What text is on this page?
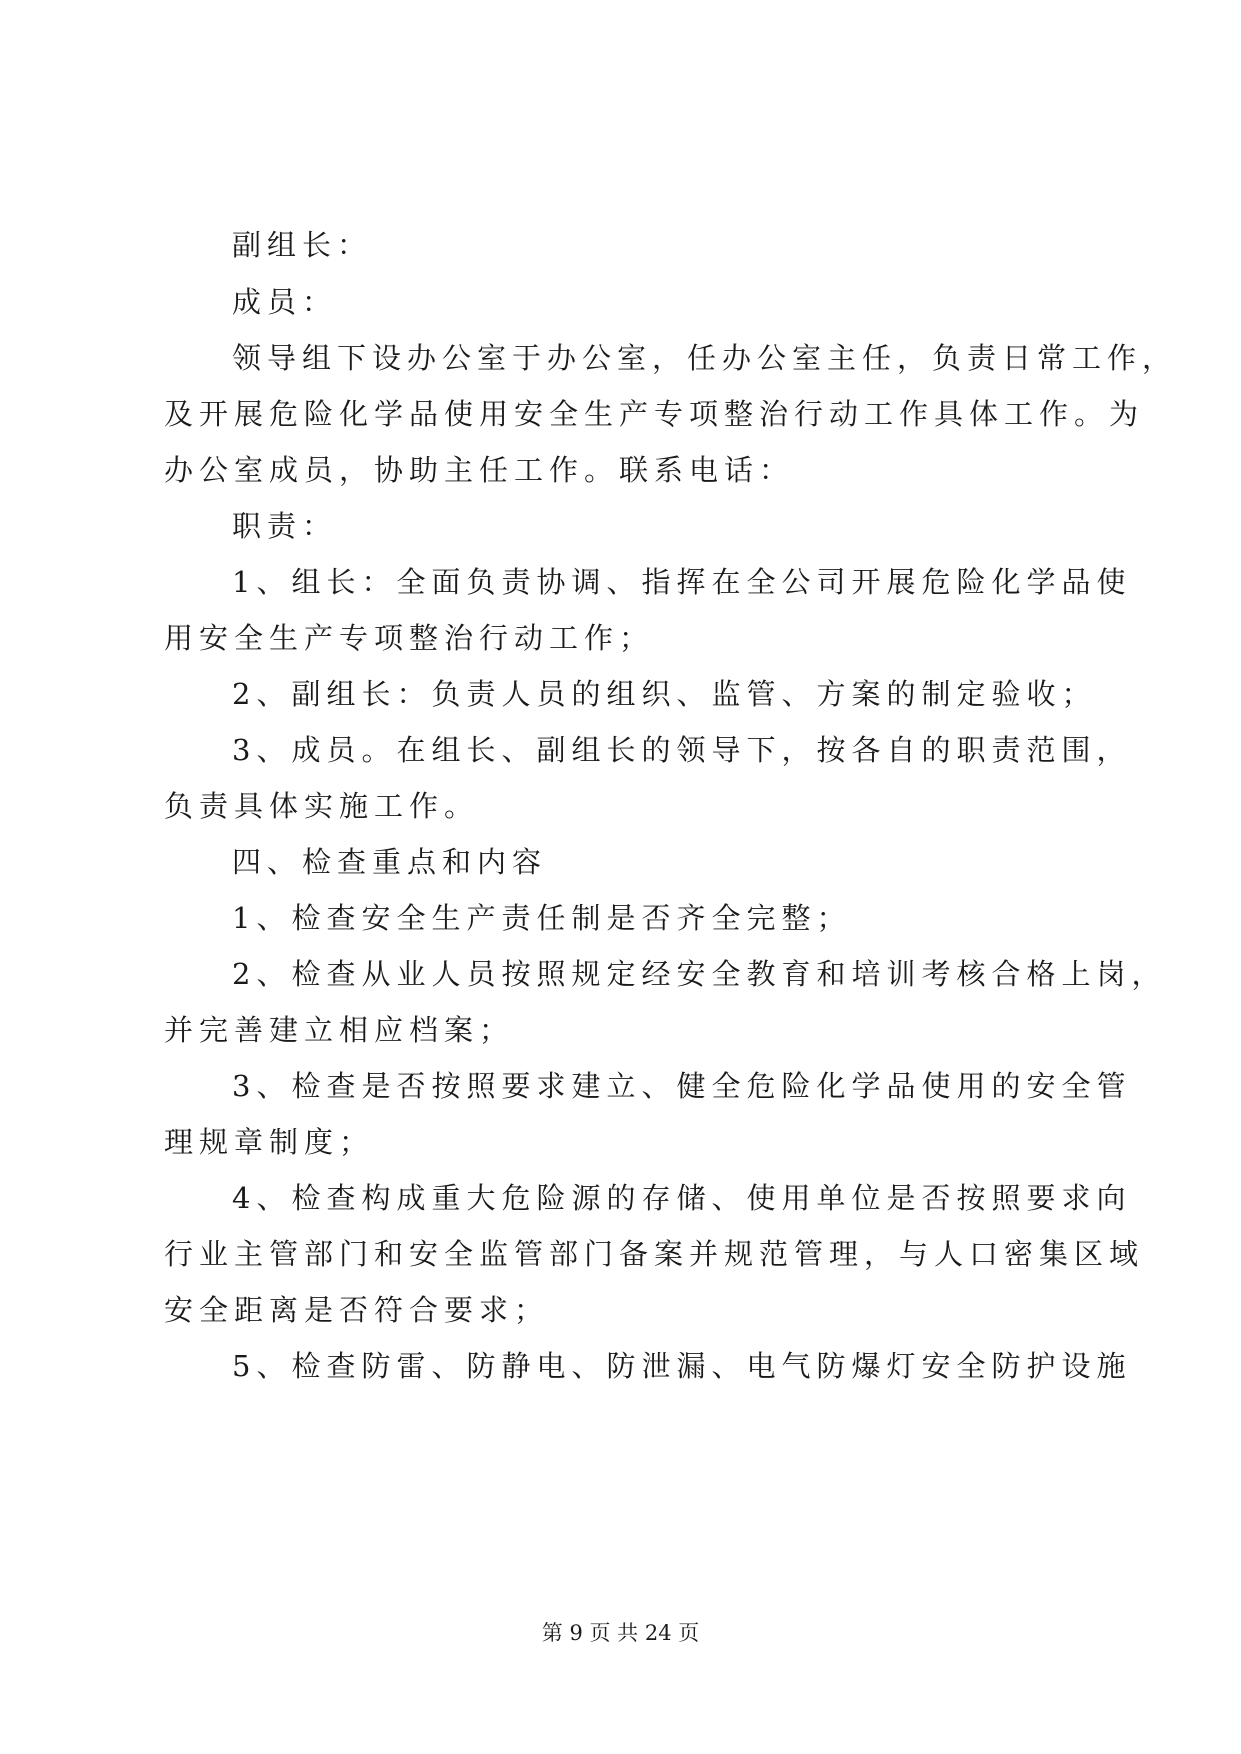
副组长：
成员：
领导组下设办公室于办公室，任办公室主任，负责日常工作，
及开展危险化学品使用安全生产专项整治行动工作具体工作。为
办公室成员，协助主任工作。联系电话：
职责：
1、组长：全面负责协调、指挥在全公司开展危险化学品使
用安全生产专项整治行动工作；
2、副组长：负责人员的组织、监管、方案的制定验收；
3、成员。在组长、副组长的领导下，按各自的职责范围，
负责具体实施工作。
四、检查重点和内容
1、检查安全生产责任制是否齐全完整；
2、检查从业人员按照规定经安全教育和培训考核合格上岗，
并完善建立相应档案；
3、检查是否按照要求建立、健全危险化学品使用的安全管
理规章制度；
4、检查构成重大危险源的存储、使用单位是否按照要求向
行业主管部门和安全监管部门备案并规范管理，与人口密集区域
安全距离是否符合要求；
5、检查防雷、防静电、防泄漏、电气防爆灯安全防护设施
第 9 页 共 24 页
